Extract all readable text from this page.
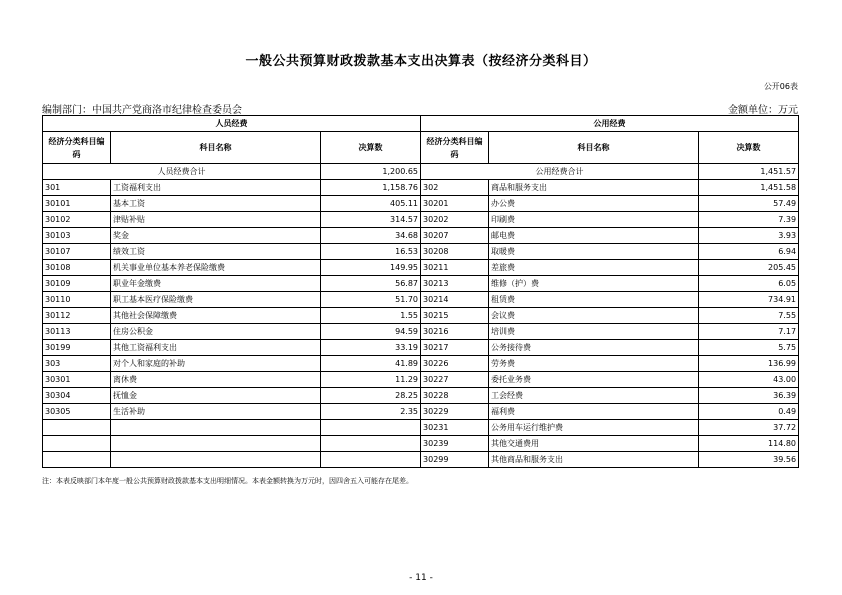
一般公共预算财政拨款基本支出决算表（按经济分类科目）
公开06表
编制部门：中国共产党商洛市纪律检查委员会	金额单位：万元
人员经费			公用经费		
经济分类科目编码	科目名称	决算数	经济分类科目编码	科目名称	决算数
人员经费合计		1,200.65	公用经费合计		1,451.57
301	工资福利支出	1,158.76	302	商品和服务支出	1,451.58
30101	基本工资	405.11	30201	办公费	57.49
30102	津贴补贴	314.57	30202	印刷费	7.39
30103	奖金	34.68	30207	邮电费	3.93
30107	绩效工资	16.53	30208	取暖费	6.94
30108	机关事业单位基本养老保险缴费	149.95	30211	差旅费	205.45
30109	职业年金缴费	56.87	30213	维修（护）费	6.05
30110	职工基本医疗保险缴费	51.70	30214	租赁费	734.91
30112	其他社会保障缴费	1.55	30215	会议费	7.55
30113	住房公积金	94.59	30216	培训费	7.17
30199	其他工资福利支出	33.19	30217	公务接待费	5.75
303	对个人和家庭的补助	41.89	30226	劳务费	136.99
30301	离休费	11.29	30227	委托业务费	43.00
30304	抚恤金	28.25	30228	工会经费	36.39
30305	生活补助	2.35	30229	福利费	0.49
			30231	公务用车运行维护费	37.72
			30239	其他交通费用	114.80
			30299	其他商品和服务支出	39.56
注：本表反映部门本年度一般公共预算财政拨款基本支出明细情况。本表金额转换为万元时，因四舍五入可能存在尾差。
- 11 -
